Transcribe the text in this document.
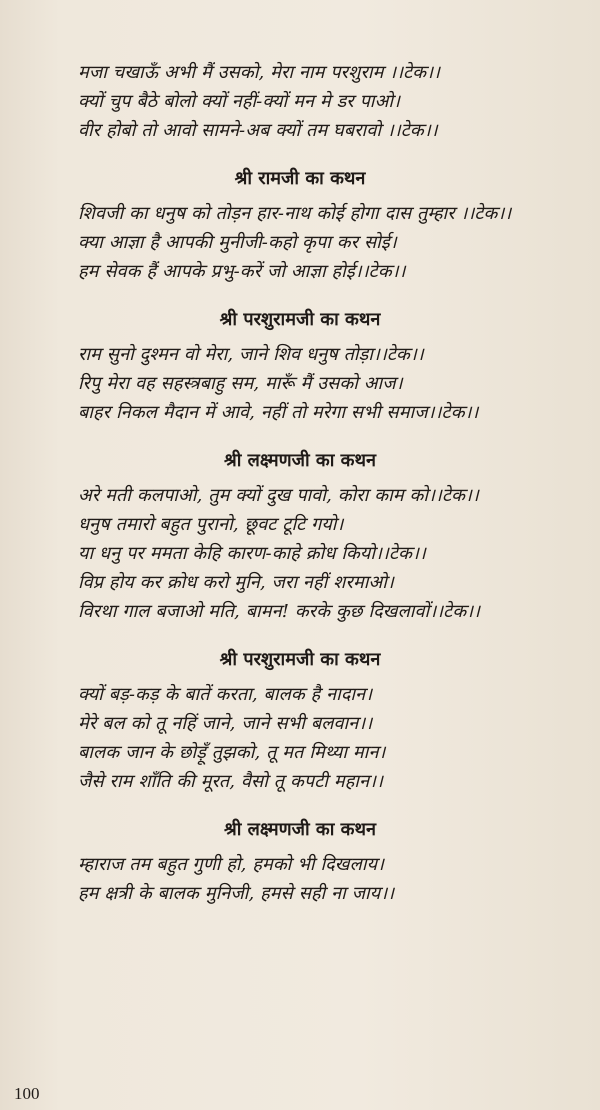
मजा चखाऊँ अभी मैं उसको, मेरा नाम परशुराम ।।टेक।।
क्यों चुप बैठे बोलो क्यों नहीं-क्यों मन मे डर पाओ।
वीर होबो तो आवो सामने-अब क्यों तम घबरावो ।।टेक।।
श्री रामजी का कथन
शिवजी का धनुष को तोड़न हार-नाथ कोई होगा दास तुम्हार ।।टेक।।
क्या आज्ञा है आपकी मुनीजी-कहो कृपा कर सोई।
हम सेवक हैं आपके प्रभु-करें जो आज्ञा होई।।टेक।।
श्री परशुरामजी का कथन
राम सुनो दुश्मन वो मेरा, जाने शिव धनुष तोड़ा।।टेक।।
रिपु मेरा वह सहस्त्रबाहु सम, मारूँ मैं उसको आज।
बाहर निकल मैदान में आवे, नहीं तो मरेगा सभी समाज।।टेक।।
श्री लक्ष्मणजी का कथन
अरे मती कलपाओ, तुम क्यों दुख पावो, कोरा काम को।।टेक।।
धनुष तमारो बहुत पुरानो, छूवट टूटि गयो।
या धनु पर ममता केहि कारण-काहे क्रोध कियो।।टेक।।
विप्र होय कर क्रोध करो मुनि, जरा नहीं शरमाओ।
विरथा गाल बजाओ मति, बामन! करके कुछ दिखलावों।।टेक।।
श्री परशुरामजी का कथन
क्यों बड़-कड़ के बातें करता, बालक है नादान।
मेरे बल को तू नहिं जाने, जाने सभी बलवान।।
बालक जान के छोड़ूँ तुझको, तू मत मिथ्या मान।
जैसे राम शाँति की मूरत, वैसो तू कपटी महान।।
श्री लक्ष्मणजी का कथन
म्हाराज तम बहुत गुणी हो, हमको भी दिखलाय।
हम क्षत्री के बालक मुनिजी, हमसे सही ना जाय।।
100
